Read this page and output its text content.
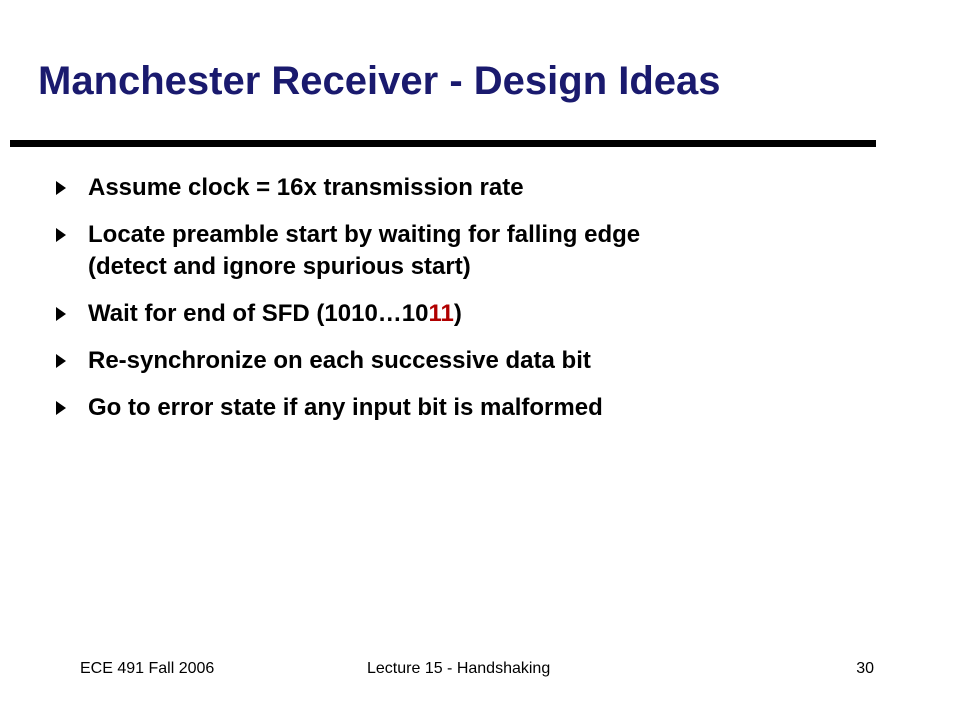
Manchester Receiver - Design Ideas
Assume clock = 16x transmission rate
Locate preamble start by waiting for falling edge
(detect and ignore spurious start)
Wait for end of SFD (1010…1011)
Re-synchronize on each successive data bit
Go to error state if any input bit is malformed
ECE 491 Fall 2006	Lecture 15 - Handshaking	30
